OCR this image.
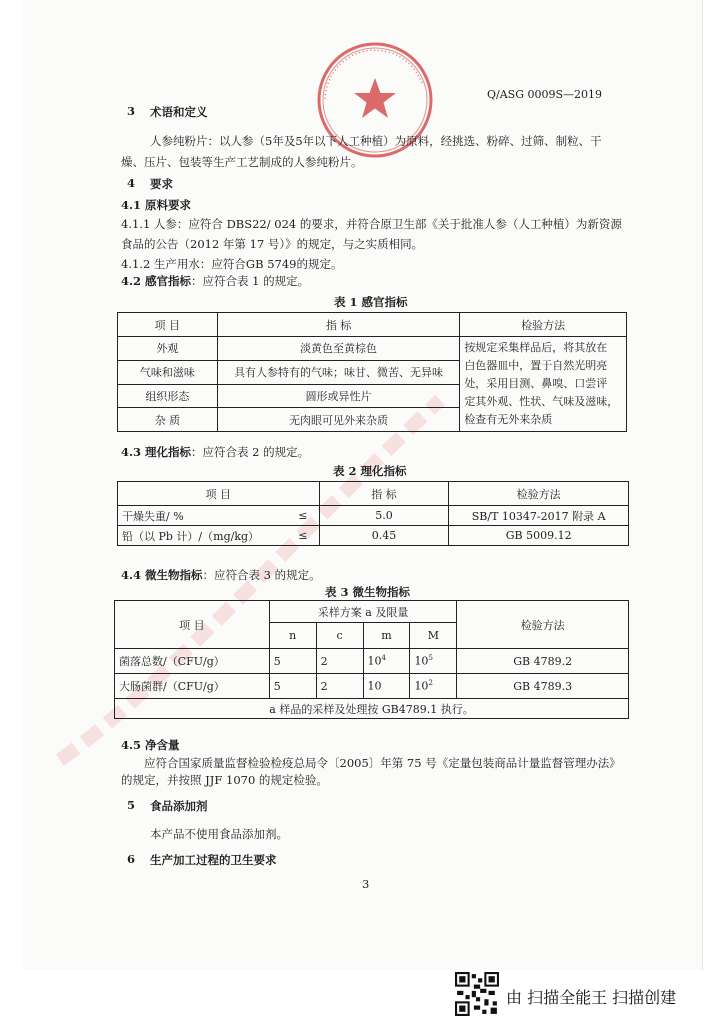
·····································
Q/ASG 0009S—2019
3 术语和定义
人参纯粉片：以人参（5年及5年以下人工种植）为原料，经挑选、粉碎、过筛、制粒、干
燥、压片、包装等生产工艺制成的人参纯粉片。
4 要求
4.1 原料要求
4.1.1 人参：应符合 DBS22/ 024 的要求，并符合原卫生部《关于批准人参（人工种植）为新资源
食品的公告（2012 年第 17 号）》的规定，与之实质相同。
4.1.2 生产用水：应符合GB 5749的规定。
4.2 感官指标：应符合表 1 的规定。
表 1 感官指标
项 目	指 标	检验方法
外观	淡黄色至黄棕色	按规定采集样品后，将其放在
白色器皿中，置于自然光明亮
处，采用目测、鼻嗅、口尝评
定其外观、性状、气味及滋味，
检查有无外来杂质

气味和滋味	具有人参特有的气味；味甘、微苦、无异味	
组织形态	圆形或异性片	
杂 质	无肉眼可见外来杂质	
4.3 理化指标：应符合表 2 的规定。
表 2 理化指标
项 目		指 标	检验方法
干燥失重/ %	≤	5.0	SB/T 10347-2017 附录 A
铅（以 Pb 计）/（mg/kg）	≤	0.45	GB 5009.12
4.4 微生物指标：应符合表 3 的规定。
表 3 微生物指标
项 目	采样方案 a 及限量				检验方法
	n	c	m	M	
菌落总数/（CFU/g）	5	2	$10^4$	$10^5$	GB 4789.2
大肠菌群/（CFU/g）	5	2	10	$10^2$	GB 4789.3
a 样品的采样及处理按 GB4789.1 执行。					
4.5 净含量
应符合国家质量监督检验检疫总局令〔2005〕年第 75 号《定量包装商品计量监督管理办法》
的规定，并按照 JJF 1070 的规定检验。
5 食品添加剂
本产品不使用食品添加剂。
6 生产加工过程的卫生要求
3
由 扫描全能王 扫描创建
